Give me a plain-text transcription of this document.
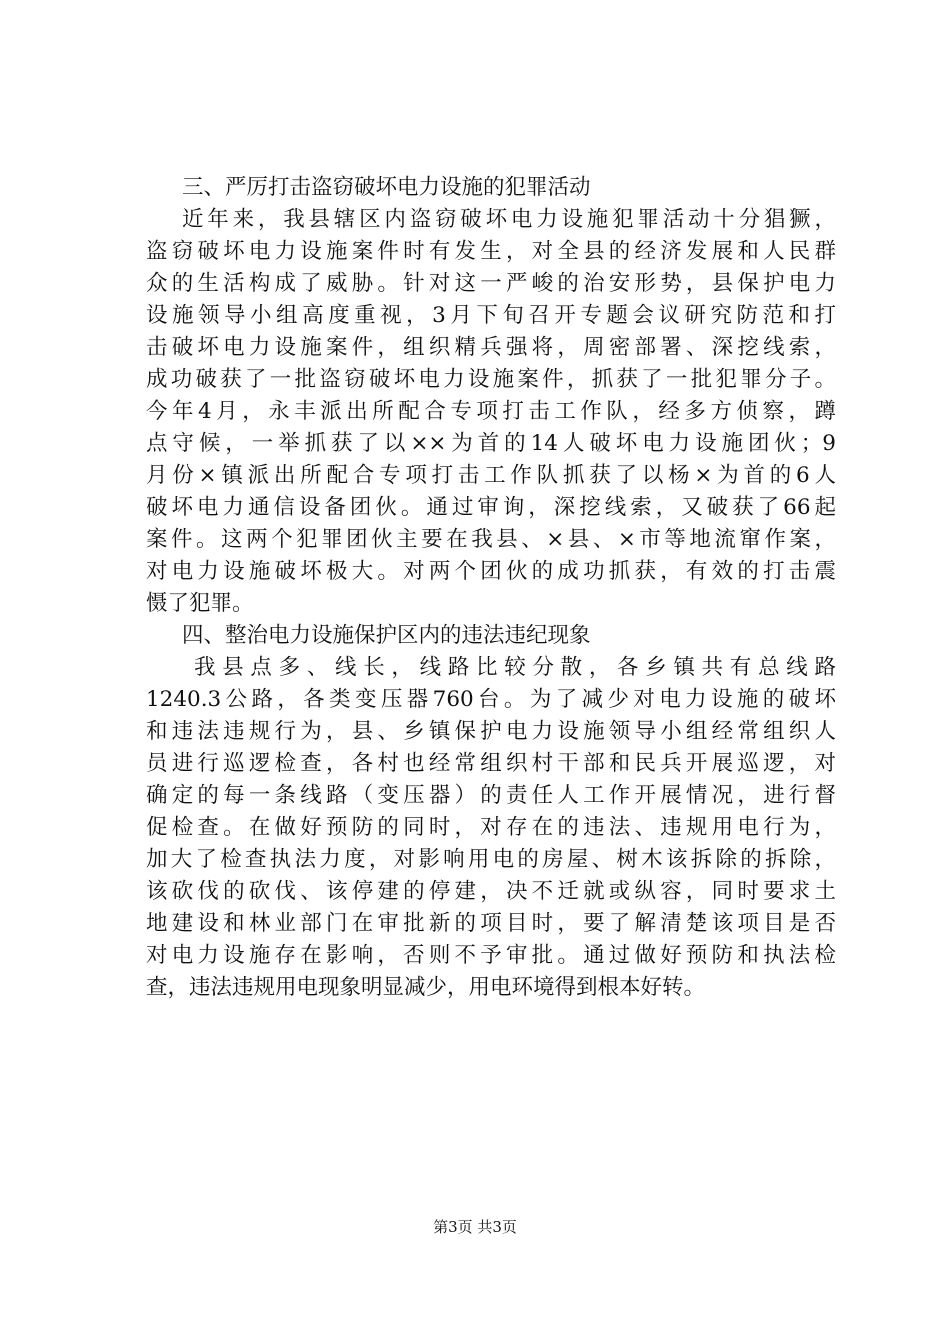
三、严厉打击盗窃破坏电力设施的犯罪活动
近年来，我县辖区内盗窃破坏电力设施犯罪活动十分猖獗，
盗窃破坏电力设施案件时有发生，对全县的经济发展和人民群
众的生活构成了威胁。针对这一严峻的治安形势，县保护电力
设施领导小组高度重视，3月下旬召开专题会议研究防范和打
击破坏电力设施案件，组织精兵强将，周密部署、深挖线索，
成功破获了一批盗窃破坏电力设施案件，抓获了一批犯罪分子。
今年4月，永丰派出所配合专项打击工作队，经多方侦察，蹲
点守候，一举抓获了以××为首的14人破坏电力设施团伙；9
月份×镇派出所配合专项打击工作队抓获了以杨×为首的6人
破坏电力通信设备团伙。通过审询，深挖线索，又破获了66起
案件。这两个犯罪团伙主要在我县、×县、×市等地流窜作案，
对电力设施破坏极大。对两个团伙的成功抓获，有效的打击震
慑了犯罪。
四、整治电力设施保护区内的违法违纪现象
我县点多、线长，线路比较分散，各乡镇共有总线路
1240.3公路，各类变压器760台。为了减少对电力设施的破坏
和违法违规行为，县、乡镇保护电力设施领导小组经常组织人
员进行巡逻检查，各村也经常组织村干部和民兵开展巡逻，对
确定的每一条线路（变压器）的责任人工作开展情况，进行督
促检查。在做好预防的同时，对存在的违法、违规用电行为，
加大了检查执法力度，对影响用电的房屋、树木该拆除的拆除，
该砍伐的砍伐、该停建的停建，决不迁就或纵容，同时要求土
地建设和林业部门在审批新的项目时，要了解清楚该项目是否
对电力设施存在影响，否则不予审批。通过做好预防和执法检
查，违法违规用电现象明显减少，用电环境得到根本好转。
第3页 共3页
